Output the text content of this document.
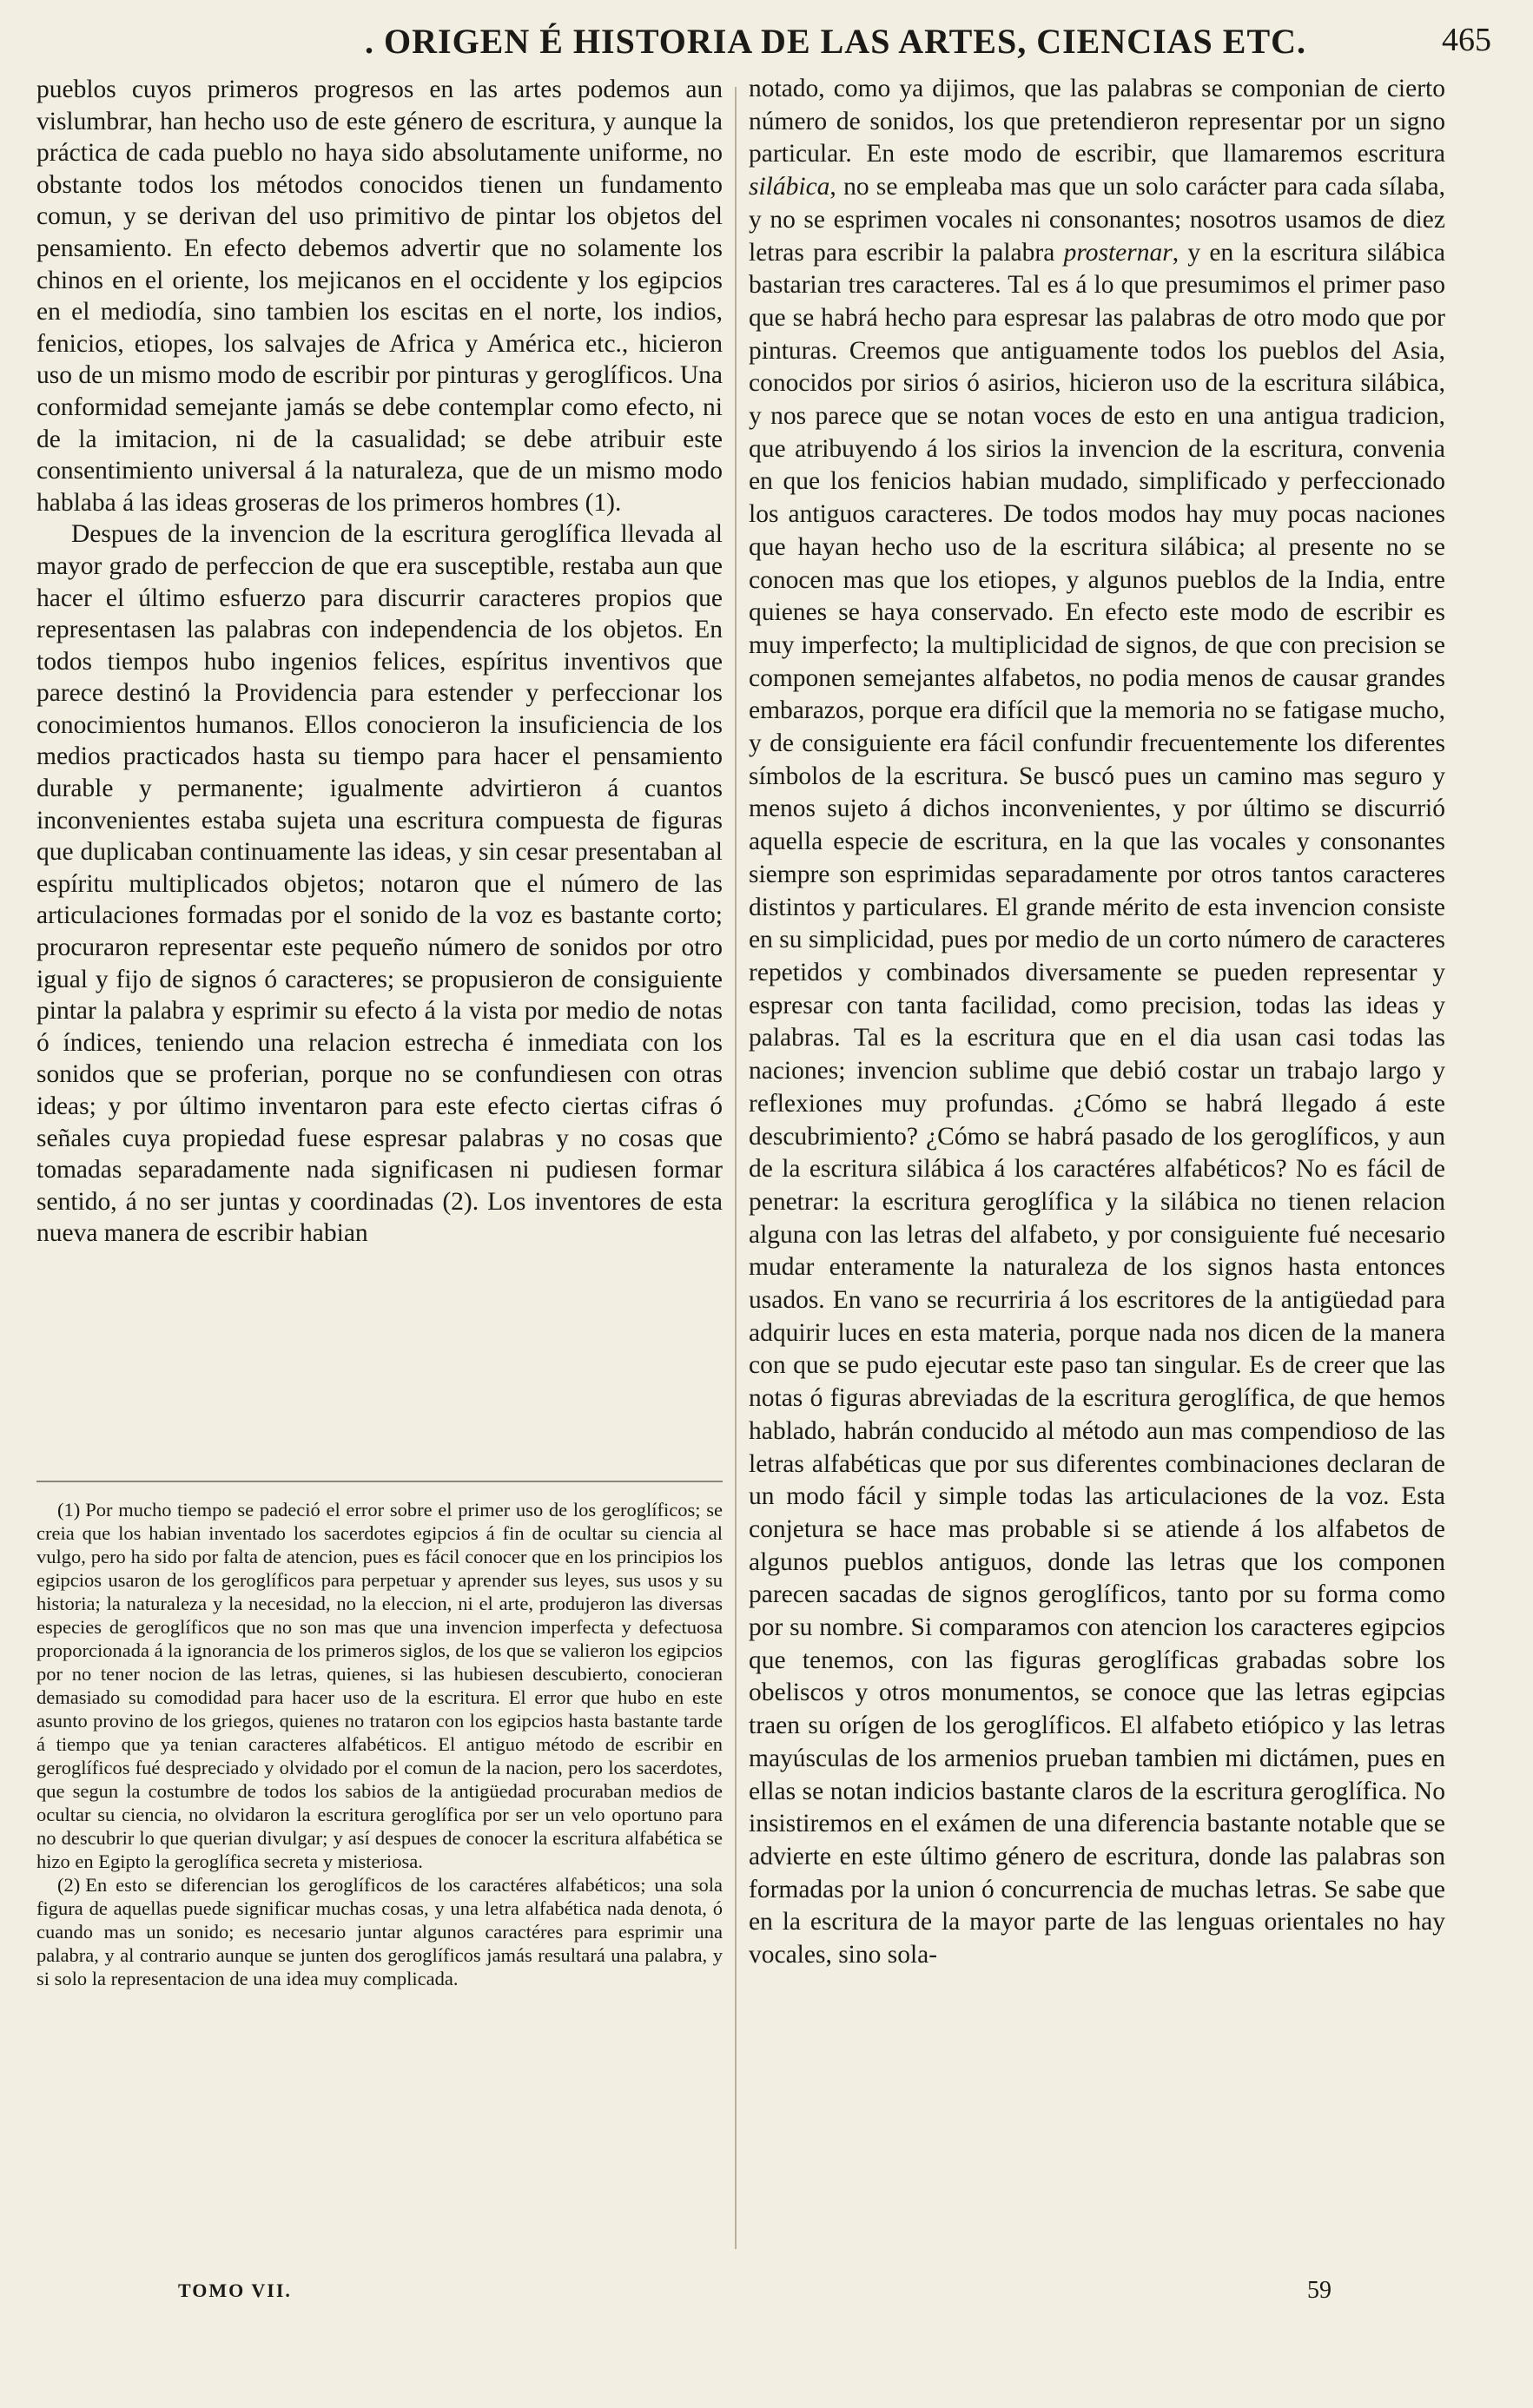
. ORIGEN É HISTORIA DE LAS ARTES, CIENCIAS ETC.	465

pueblos cuyos primeros progresos en las artes podemos aun vislumbrar, han hecho uso de este género de escritura, y aunque la práctica de cada pueblo no haya sido absolutamente uniforme, no obstante todos los métodos conocidos tienen un fundamento comun, y se derivan del uso primitivo de pintar los objetos del pensamiento. En efecto debemos advertir que no solamente los chinos en el oriente, los mejicanos en el occidente y los egipcios en el mediodía, sino tambien los escitas en el norte, los indios, fenicios, etiopes, los salvajes de Africa y América etc., hicieron uso de un mismo modo de escribir por pinturas y geroglíficos. Una conformidad semejante jamás se debe contemplar como efecto, ni de la imitacion, ni de la casualidad; se debe atribuir este consentimiento universal á la naturaleza, que de un mismo modo hablaba á las ideas groseras de los primeros hombres (1).

Despues de la invencion de la escritura geroglífica llevada al mayor grado de perfeccion de que era susceptible, restaba aun que hacer el último esfuerzo para discurrir caracteres propios que representasen las palabras con independencia de los objetos. En todos tiempos hubo ingenios felices, espíritus inventivos que parece destinó la Providencia para estender y perfeccionar los conocimientos humanos. Ellos conocieron la insuficiencia de los medios practicados hasta su tiempo para hacer el pensamiento durable y permanente; igualmente advirtieron á cuantos inconvenientes estaba sujeta una escritura compuesta de figuras que duplicaban continuamente las ideas, y sin cesar presentaban al espíritu multiplicados objetos; notaron que el número de las articulaciones formadas por el sonido de la voz es bastante corto; procuraron representar este pequeño número de sonidos por otro igual y fijo de signos ó caracteres; se propusieron de consiguiente pintar la palabra y esprimir su efecto á la vista por medio de notas ó índices, teniendo una relacion estrecha é inmediata con los sonidos que se proferian, porque no se confundiesen con otras ideas; y por último inventaron para este efecto ciertas cifras ó señales cuya propiedad fuese espresar palabras y no cosas que tomadas separadamente nada significasen ni pudiesen formar sentido, á no ser juntas y coordinadas (2). Los inventores de esta nueva manera de escribir habian

(1) Por mucho tiempo se padeció el error sobre el primer uso de los geroglíficos; se creia que los habian inventado los sacerdotes egipcios á fin de ocultar su ciencia al vulgo, pero ha sido por falta de atencion, pues es fácil conocer que en los principios los egipcios usaron de los geroglíficos para perpetuar y aprender sus leyes, sus usos y su historia; la naturaleza y la necesidad, no la eleccion, ni el arte, produjeron las diversas especies de geroglíficos que no son mas que una invencion imperfecta y defectuosa proporcionada á la ignorancia de los primeros siglos, de los que se valieron los egipcios por no tener nocion de las letras, quienes, si las hubiesen descubierto, conocieran demasiado su comodidad para hacer uso de la escritura. El error que hubo en este asunto provino de los griegos, quienes no trataron con los egipcios hasta bastante tarde á tiempo que ya tenian caracteres alfabéticos. El antiguo método de escribir en geroglíficos fué despreciado y olvidado por el comun de la nacion, pero los sacerdotes, que segun la costumbre de todos los sabios de la antigüedad procuraban medios de ocultar su ciencia, no olvidaron la escritura geroglífica por ser un velo oportuno para no descubrir lo que querian divulgar; y así despues de conocer la escritura alfabética se hizo en Egipto la geroglífica secreta y misteriosa.

(2) En esto se diferencian los geroglíficos de los caractéres alfabéticos; una sola figura de aquellas puede significar muchas cosas, y una letra alfabética nada denota, ó cuando mas un sonido; es necesario juntar algunos caractéres para esprimir una palabra, y al contrario aunque se junten dos geroglíficos jamás resultará una palabra, y si solo la representacion de una idea muy complicada.

notado, como ya dijimos, que las palabras se componian de cierto número de sonidos, los que pretendieron representar por un signo particular. En este modo de escribir, que llamaremos escritura silábica, no se empleaba mas que un solo carácter para cada sílaba, y no se esprimen vocales ni consonantes; nosotros usamos de diez letras para escribir la palabra prosternar, y en la escritura silábica bastarian tres caracteres. Tal es á lo que presumimos el primer paso que se habrá hecho para espresar las palabras de otro modo que por pinturas. Creemos que antiguamente todos los pueblos del Asia, conocidos por sirios ó asirios, hicieron uso de la escritura silábica, y nos parece que se notan voces de esto en una antigua tradicion, que atribuyendo á los sirios la invencion de la escritura, convenia en que los fenicios habian mudado, simplificado y perfeccionado los antiguos caracteres. De todos modos hay muy pocas naciones que hayan hecho uso de la escritura silábica; al presente no se conocen mas que los etiopes, y algunos pueblos de la India, entre quienes se haya conservado. En efecto este modo de escribir es muy imperfecto; la multiplicidad de signos, de que con precision se componen semejantes alfabetos, no podia menos de causar grandes embarazos, porque era difícil que la memoria no se fatigase mucho, y de consiguiente era fácil confundir frecuentemente los diferentes símbolos de la escritura. Se buscó pues un camino mas seguro y menos sujeto á dichos inconvenientes, y por último se discurrió aquella especie de escritura, en la que las vocales y consonantes siempre son esprimidas separadamente por otros tantos caracteres distintos y particulares. El grande mérito de esta invencion consiste en su simplicidad, pues por medio de un corto número de caracteres repetidos y combinados diversamente se pueden representar y espresar con tanta facilidad, como precision, todas las ideas y palabras. Tal es la escritura que en el dia usan casi todas las naciones; invencion sublime que debió costar un trabajo largo y reflexiones muy profundas. ¿Cómo se habrá llegado á este descubrimiento? ¿Cómo se habrá pasado de los geroglíficos, y aun de la escritura silábica á los caractéres alfabéticos? No es fácil de penetrar: la escritura geroglífica y la silábica no tienen relacion alguna con las letras del alfabeto, y por consiguiente fué necesario mudar enteramente la naturaleza de los signos hasta entonces usados. En vano se recurriria á los escritores de la antigüedad para adquirir luces en esta materia, porque nada nos dicen de la manera con que se pudo ejecutar este paso tan singular. Es de creer que las notas ó figuras abreviadas de la escritura geroglífica, de que hemos hablado, habrán conducido al método aun mas compendioso de las letras alfabéticas que por sus diferentes combinaciones declaran de un modo fácil y simple todas las articulaciones de la voz. Esta conjetura se hace mas probable si se atiende á los alfabetos de algunos pueblos antiguos, donde las letras que los componen parecen sacadas de signos geroglíficos, tanto por su forma como por su nombre. Si comparamos con atencion los caracteres egipcios que tenemos, con las figuras geroglíficas grabadas sobre los obeliscos y otros monumentos, se conoce que las letras egipcias traen su orígen de los geroglíficos. El alfabeto etiópico y las letras mayúsculas de los armenios prueban tambien mi dictámen, pues en ellas se notan indicios bastante claros de la escritura geroglífica. No insistiremos en el exámen de una diferencia bastante notable que se advierte en este último género de escritura, donde las palabras son formadas por la union ó concurrencia de muchas letras. Se sabe que en la escritura de la mayor parte de las lenguas orientales no hay vocales, sino sola-

TOMO VII.	59
